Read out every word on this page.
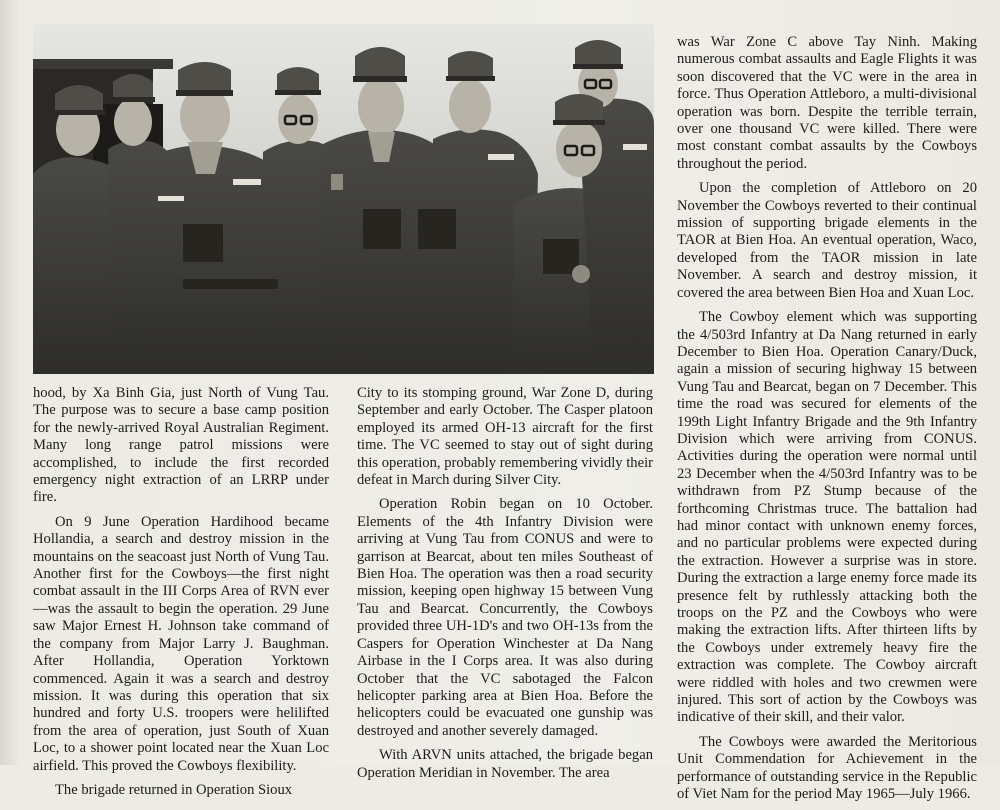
hood, by Xa Binh Gia, just North of Vung Tau. The purpose was to secure a base camp position for the newly-arrived Royal Australian Regiment. Many long range patrol missions were accomplished, to include the first recorded emergency night extraction of an LRRP under fire.

On 9 June Operation Hardihood became Hollandia, a search and destroy mission in the mountains on the seacoast just North of Vung Tau. Another first for the Cowboys—the first night combat assault in the III Corps Area of RVN ever—was the assault to begin the operation. 29 June saw Major Ernest H. Johnson take command of the company from Major Larry J. Baughman. After Hollandia, Operation Yorktown commenced. Again it was a search and destroy mission. It was during this operation that six hundred and forty U.S. troopers were helilifted from the area of operation, just South of Xuan Loc, to a shower point located near the Xuan Loc airfield. This proved the Cowboys flexibility.

The brigade returned in Operation Sioux

City to its stomping ground, War Zone D, during September and early October. The Casper platoon employed its armed OH-13 aircraft for the first time. The VC seemed to stay out of sight during this operation, probably remembering vividly their defeat in March during Silver City.

Operation Robin began on 10 October. Elements of the 4th Infantry Division were arriving at Vung Tau from CONUS and were to garrison at Bearcat, about ten miles Southeast of Bien Hoa. The operation was then a road security mission, keeping open highway 15 between Vung Tau and Bearcat. Concurrently, the Cowboys provided three UH-1D's and two OH-13s from the Caspers for Operation Winchester at Da Nang Airbase in the I Corps area. It was also during October that the VC sabotaged the Falcon helicopter parking area at Bien Hoa. Before the helicopters could be evacuated one gunship was destroyed and another severely damaged.

With ARVN units attached, the brigade began Operation Meridian in November. The area

was War Zone C above Tay Ninh. Making numerous combat assaults and Eagle Flights it was soon discovered that the VC were in the area in force. Thus Operation Attleboro, a multi-divisional operation was born. Despite the terrible terrain, over one thousand VC were killed. There were most constant combat assaults by the Cowboys throughout the period.

Upon the completion of Attleboro on 20 November the Cowboys reverted to their continual mission of supporting brigade elements in the TAOR at Bien Hoa. An eventual operation, Waco, developed from the TAOR mission in late November. A search and destroy mission, it covered the area between Bien Hoa and Xuan Loc.

The Cowboy element which was supporting the 4/503rd Infantry at Da Nang returned in early December to Bien Hoa. Operation Canary/Duck, again a mission of securing highway 15 between Vung Tau and Bearcat, began on 7 December. This time the road was secured for elements of the 199th Light Infantry Brigade and the 9th Infantry Division which were arriving from CONUS. Activities during the operation were normal until 23 December when the 4/503rd Infantry was to be withdrawn from PZ Stump because of the forthcoming Christmas truce. The battalion had had minor contact with unknown enemy forces, and no particular problems were expected during the extraction. However a surprise was in store. During the extraction a large enemy force made its presence felt by ruthlessly attacking both the troops on the PZ and the Cowboys who were making the extraction lifts. After thirteen lifts by the Cowboys under extremely heavy fire the extraction was complete. The Cowboy aircraft were riddled with holes and two crewmen were injured. This sort of action by the Cowboys was indicative of their skill, and their valor.

The Cowboys were awarded the Meritorious Unit Commendation for Achievement in the performance of outstanding service in the Republic of Viet Nam for the period May 1965—July 1966.
